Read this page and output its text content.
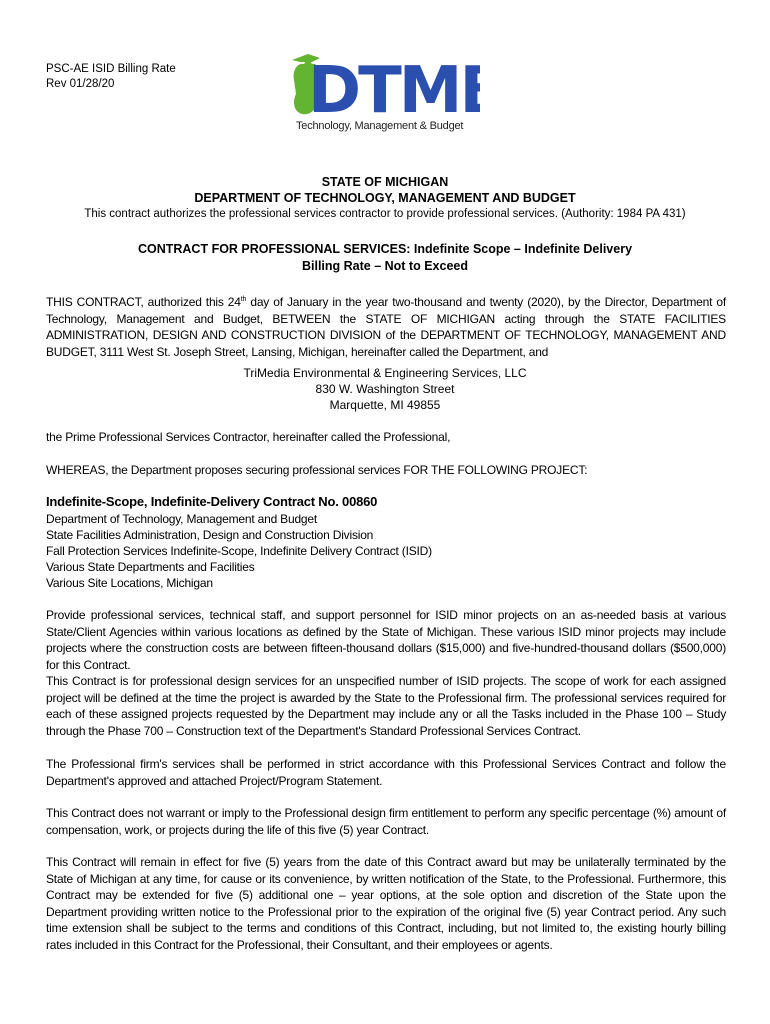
PSC-AE ISID Billing Rate
Rev 01/28/20	DTM
Technology, Management & Budget
STATE OF MICHIGAN
DEPARTMENT OF TECHNOLOGY, MANAGEMENT AND BUDGET
This contract authorizes the professional services contractor to provide professional services. (Authority: 1984 PA 431)
CONTRACT FOR PROFESSIONAL SERVICES: Indefinite Scope – Indefinite Delivery
Billing Rate – Not to Exceed

THIS CONTRACT, authorized this 24th day of January in the year two-thousand and twenty (2020), by the Director, Department of Technology, Management and Budget, BETWEEN the STATE OF MICHIGAN acting through the STATE FACILITIES ADMINISTRATION, DESIGN AND CONSTRUCTION DIVISION of the DEPARTMENT OF TECHNOLOGY, MANAGEMENT AND BUDGET, 3111 West St. Joseph Street, Lansing, Michigan, hereinafter called the Department, and

TriMedia Environmental & Engineering Services, LLC
830 W. Washington Street
Marquette, MI 49855
the Prime Professional Services Contractor, hereinafter called the Professional,
WHEREAS, the Department proposes securing professional services FOR THE FOLLOWING PROJECT:
Indefinite-Scope, Indefinite-Delivery Contract No. 00860
Department of Technology, Management and Budget
State Facilities Administration, Design and Construction Division
Fall Protection Services Indefinite-Scope, Indefinite Delivery Contract (ISID)
Various State Departments and Facilities
Various Site Locations, Michigan

Provide professional services, technical staff, and support personnel for ISID minor projects on an as-needed basis at various State/Client Agencies within various locations as defined by the State of Michigan. These various ISID minor projects may include projects where the construction costs are between fifteen-thousand dollars ($15,000) and five-hundred-thousand dollars ($500,000) for this Contract.

This Contract is for professional design services for an unspecified number of ISID projects. The scope of work for each assigned project will be defined at the time the project is awarded by the State to the Professional firm. The professional services required for each of these assigned projects requested by the Department may include any or all the Tasks included in the Phase 100 – Study through the Phase 700 – Construction text of the Department's Standard Professional Services Contract.

The Professional firm's services shall be performed in strict accordance with this Professional Services Contract and follow the Department's approved and attached Project/Program Statement.

This Contract does not warrant or imply to the Professional design firm entitlement to perform any specific percentage (%) amount of compensation, work, or projects during the life of this five (5) year Contract.

This Contract will remain in effect for five (5) years from the date of this Contract award but may be unilaterally terminated by the State of Michigan at any time, for cause or its convenience, by written notification of the State, to the Professional. Furthermore, this Contract may be extended for five (5) additional one – year options, at the sole option and discretion of the State upon the Department providing written notice to the Professional prior to the expiration of the original five (5) year Contract period. Any such time extension shall be subject to the terms and conditions of this Contract, including, but not limited to, the existing hourly billing rates included in this Contract for the Professional, their Consultant, and their employees or agents.
